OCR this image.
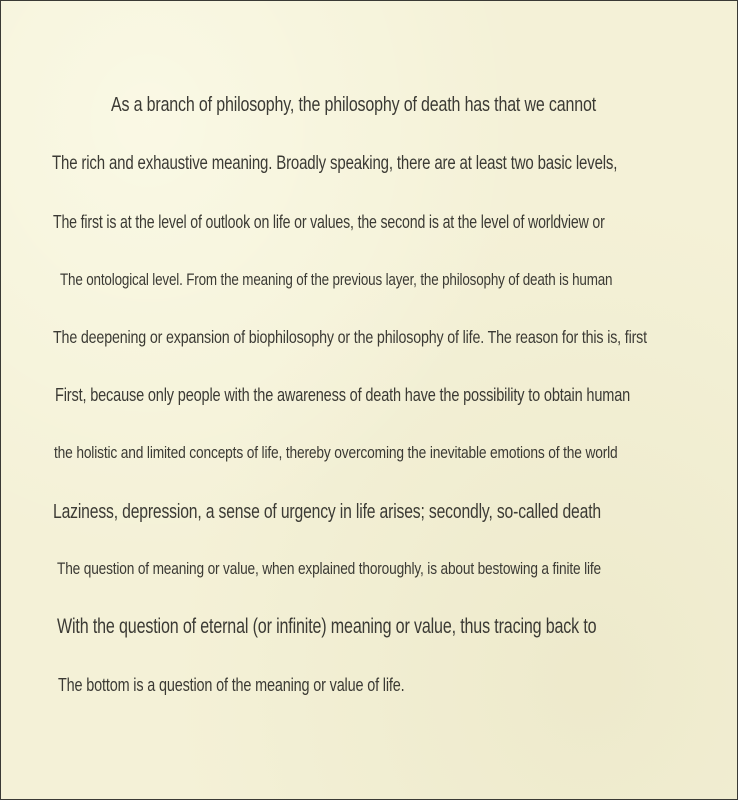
As a branch of philosophy, the philosophy of death has that we cannot
The rich and exhaustive meaning. Broadly speaking, there are at least two basic levels,
The first is at the level of outlook on life or values, the second is at the level of worldview or
The ontological level. From the meaning of the previous layer, the philosophy of death is human
The deepening or expansion of biophilosophy or the philosophy of life. The reason for this is, first
First, because only people with the awareness of death have the possibility to obtain human
the holistic and limited concepts of life, thereby overcoming the inevitable emotions of the world
Laziness, depression, a sense of urgency in life arises; secondly, so-called death
The question of meaning or value, when explained thoroughly, is about bestowing a finite life
With the question of eternal (or infinite) meaning or value, thus tracing back to
The bottom is a question of the meaning or value of life.
